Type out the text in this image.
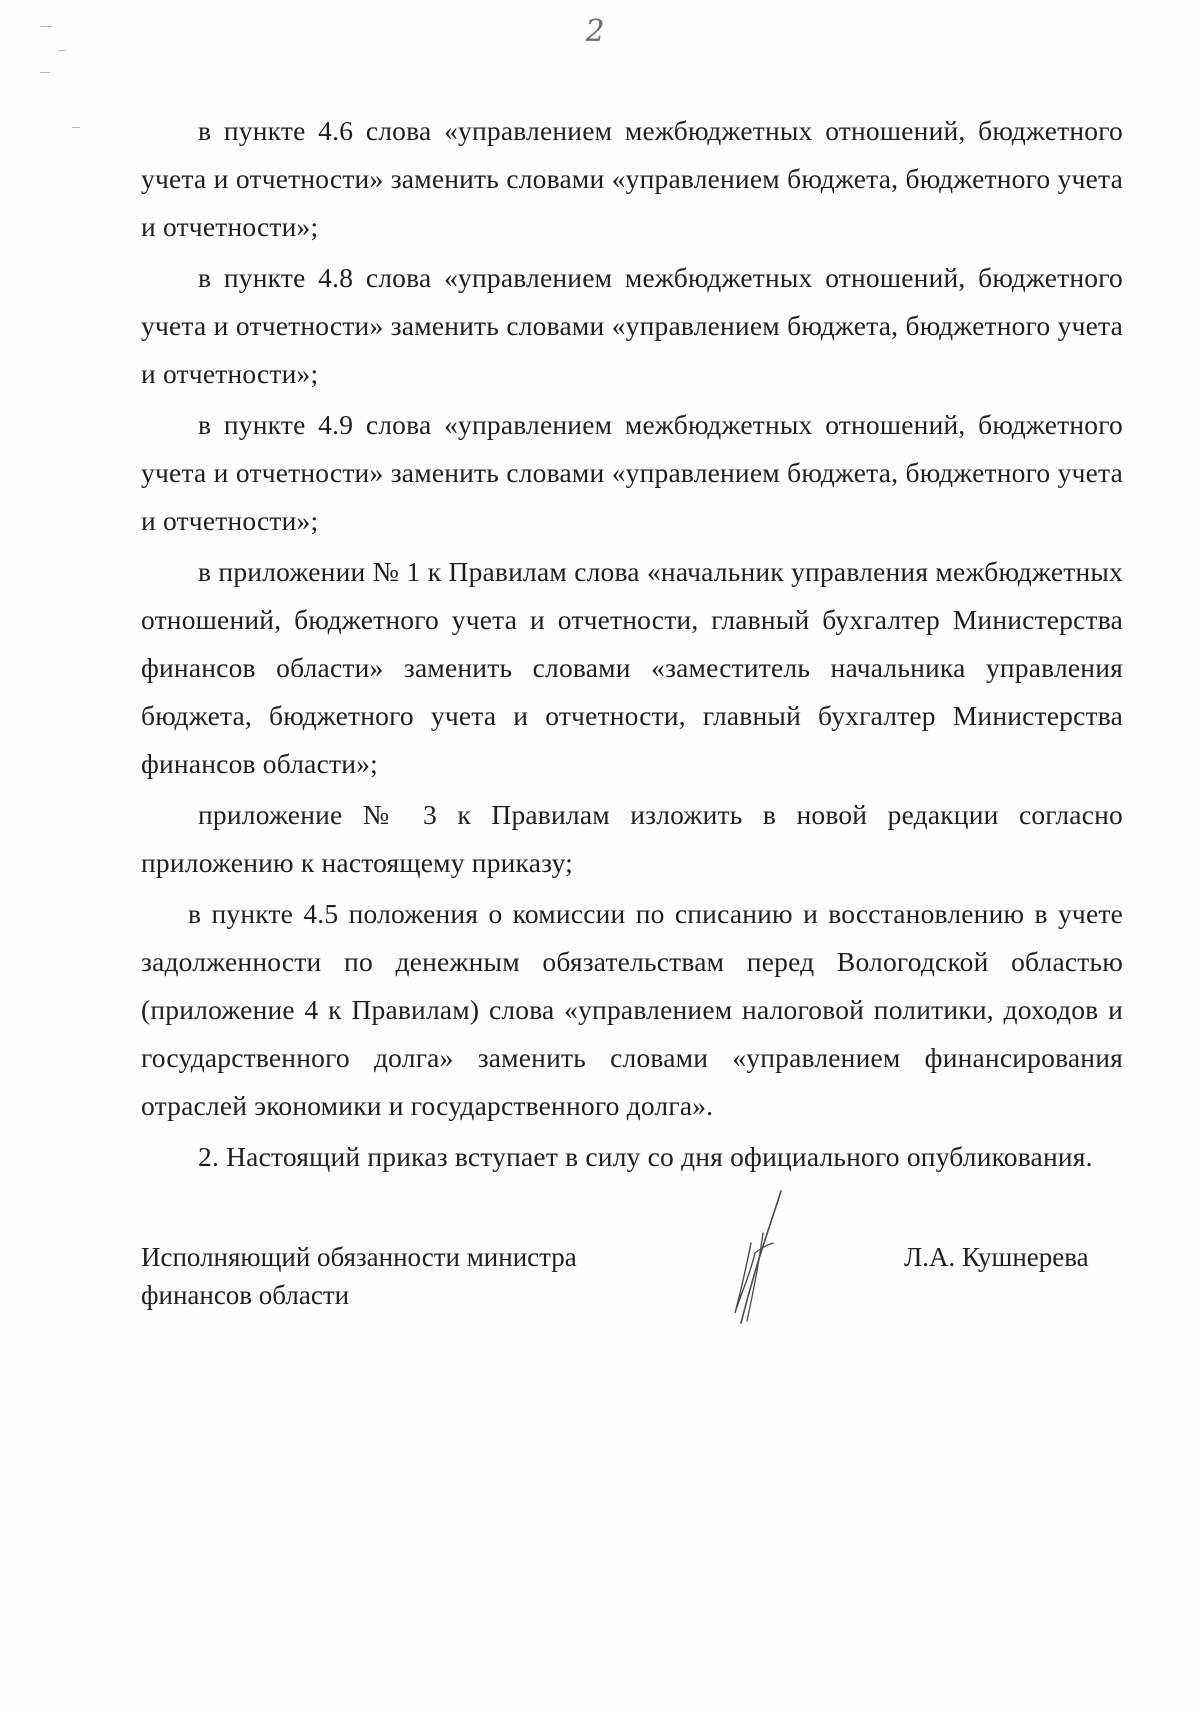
2

в пункте 4.6 слова «управлением межбюджетных отношений, бюджетного учета и отчетности» заменить словами «управлением бюджета, бюджетного учета и отчетности»;

в пункте 4.8 слова «управлением межбюджетных отношений, бюджетного учета и отчетности» заменить словами «управлением бюджета, бюджетного учета и отчетности»;

в пункте 4.9 слова «управлением межбюджетных отношений, бюджетного учета и отчетности» заменить словами «управлением бюджета, бюджетного учета и отчетности»;

в приложении № 1 к Правилам слова «начальник управления межбюджетных отношений, бюджетного учета и отчетности, главный бухгалтер Министерства финансов области» заменить словами «заместитель начальника управления бюджета, бюджетного учета и отчетности, главный бухгалтер Министерства финансов области»;

приложение № 3 к Правилам изложить в новой редакции согласно приложению к настоящему приказу;

в пункте 4.5 положения о комиссии по списанию и восстановлению в учете задолженности по денежным обязательствам перед Вологодской областью (приложение 4 к Правилам) слова «управлением налоговой политики, доходов и государственного долга» заменить словами «управлением финансирования отраслей экономики и государственного долга».

2. Настоящий приказ вступает в силу со дня официального опубликования.

Исполняющий обязанности министра
финансов области
Л.А. Кушнерева
